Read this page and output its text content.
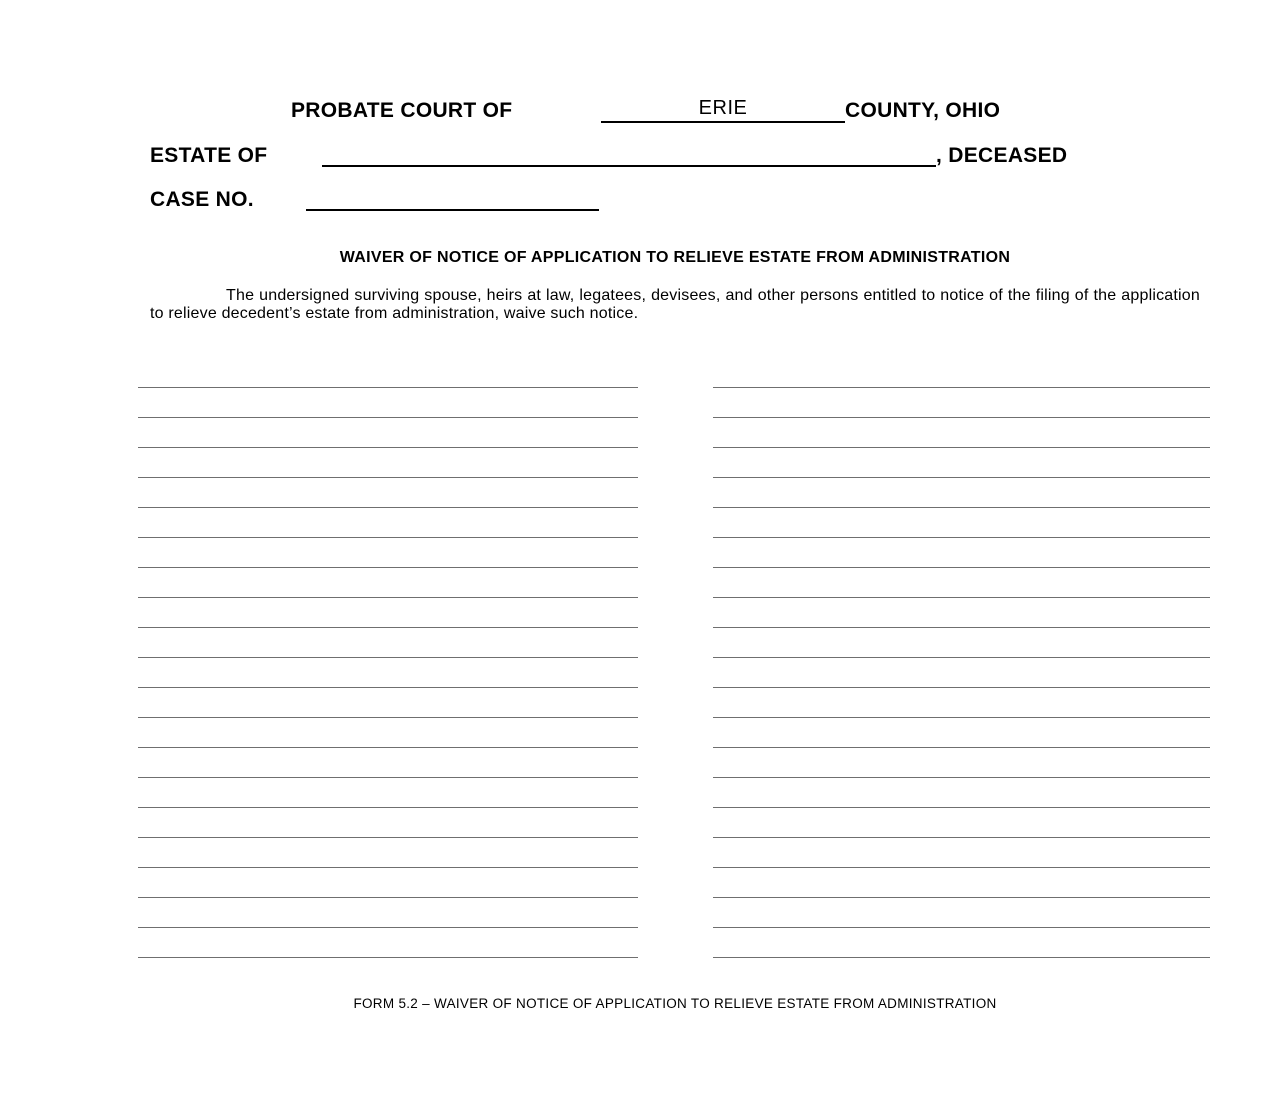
PROBATE COURT OF	ERIE	COUNTY, OHIO
ESTATE OF	, DECEASED
CASE NO.
WAIVER OF NOTICE OF APPLICATION TO RELIEVE ESTATE FROM ADMINISTRATION
The undersigned surviving spouse, heirs at law, legatees, devisees, and other persons entitled to notice of the filing of the application to relieve decedent’s estate from administration, waive such notice.
FORM 5.2 – WAIVER OF NOTICE OF APPLICATION TO RELIEVE ESTATE FROM ADMINISTRATION
